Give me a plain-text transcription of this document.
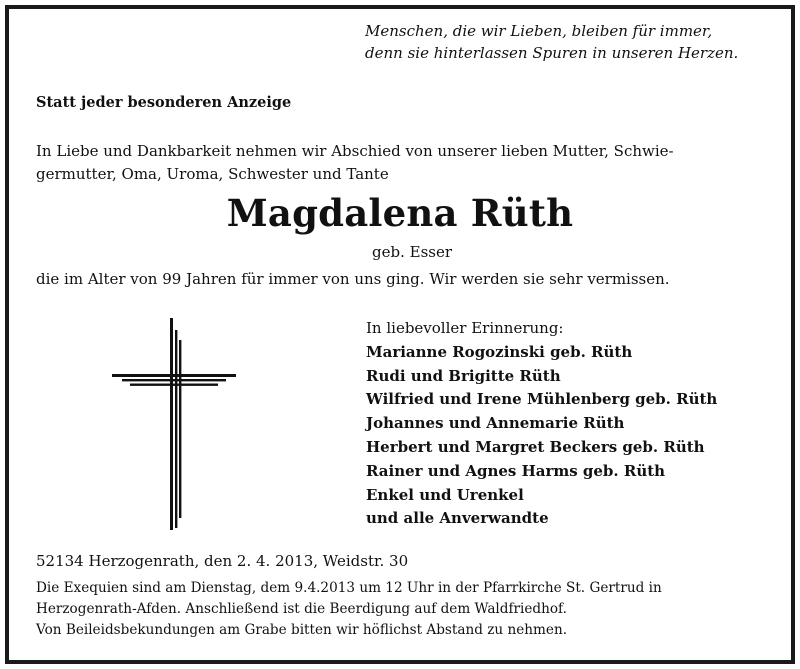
Menschen, die wir Lieben, bleiben für immer,
denn sie hinterlassen Spuren in unseren Herzen.
Statt jeder besonderen Anzeige
In Liebe und Dankbarkeit nehmen wir Abschied von unserer lieben Mutter, Schwie-
germutter, Oma, Uroma, Schwester und Tante
Magdalena Rüth
geb. Esser
die im Alter von 99 Jahren für immer von uns ging. Wir werden sie sehr vermissen.
In liebevoller Erinnerung:
Marianne Rogozinski geb. Rüth
Rudi und Brigitte Rüth
Wilfried und Irene Mühlenberg geb. Rüth
Johannes und Annemarie Rüth
Herbert und Margret Beckers geb. Rüth
Rainer und Agnes Harms geb. Rüth
Enkel und Urenkel
und alle Anverwandte
52134 Herzogenrath, den 2. 4. 2013, Weidstr. 30
Die Exequien sind am Dienstag, dem 9.4.2013 um 12 Uhr in der Pfarrkirche St. Gertrud in
Herzogenrath-Afden. Anschließend ist die Beerdigung auf dem Waldfriedhof.
Von Beileidsbekundungen am Grabe bitten wir höflichst Abstand zu nehmen.
